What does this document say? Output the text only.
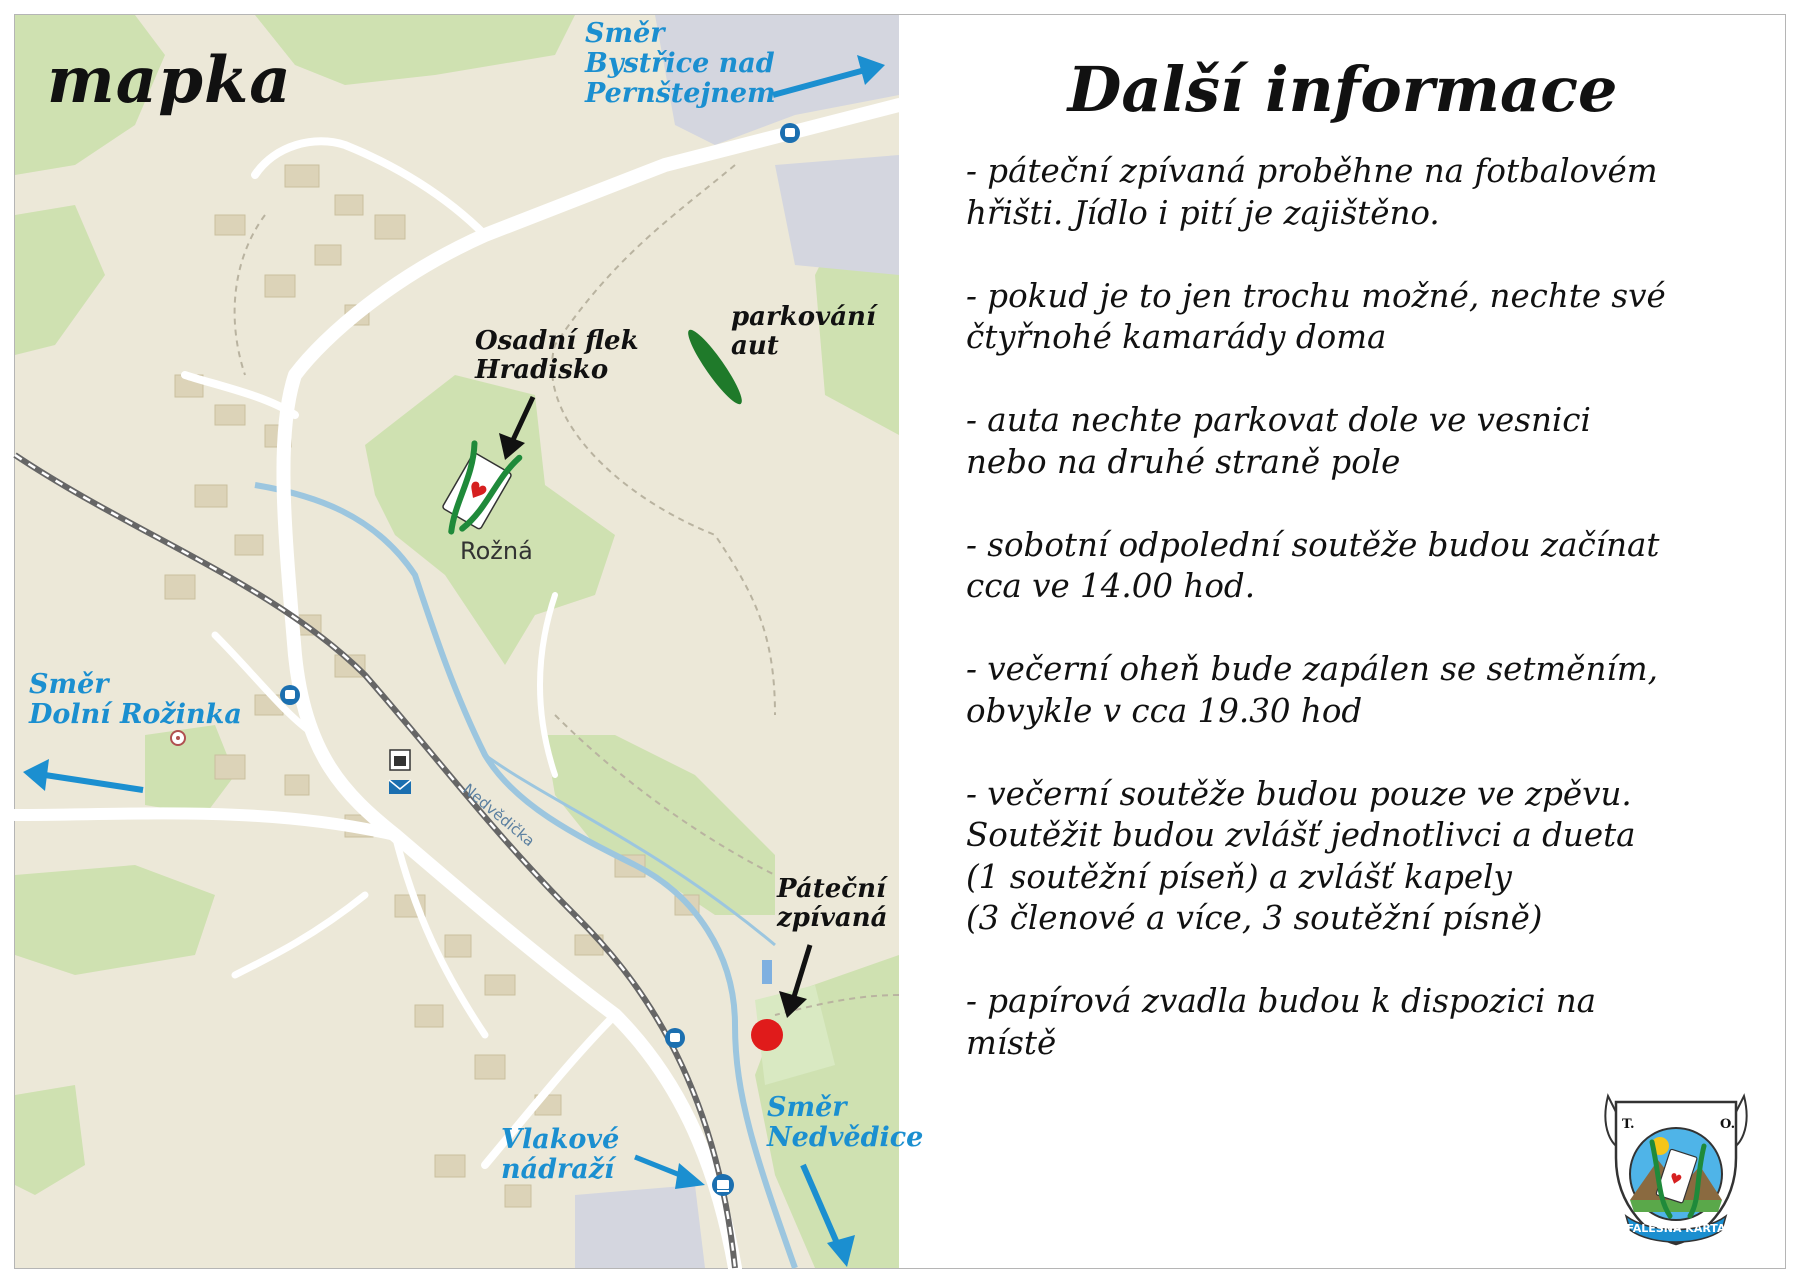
♥
mapka
Směr
Bystřice nad
Pernštejnem
Směr
Dolní Rožinka
Směr
Nedvědice
Osadní flek
Hradisko
parkování
aut
Páteční
zpívaná
Vlakové
nádraží
Rožná
Nedvědička
Další informace
- páteční zpívaná proběhne na fotbalovém
hřišti. Jídlo i pití je zajištěno.
- pokud je to jen trochu možné, nechte své
čtyřnohé kamarády doma
- auta nechte parkovat dole ve vesnici
nebo na druhé straně pole
- sobotní odpolední soutěže budou začínat
cca ve 14.00 hod.
- večerní oheň bude zapálen se setměním,
obvykle v cca 19.30 hod
- večerní soutěže budou pouze ve zpěvu.
Soutěžit budou zvlášť jednotlivci a dueta
(1 soutěžní píseň) a zvlášť kapely
(3 členové a více, 3 soutěžní písně)
- papírová zvadla budou k dispozici na
místě
♥
T.	O.
FALEŠNÁ KARTA
